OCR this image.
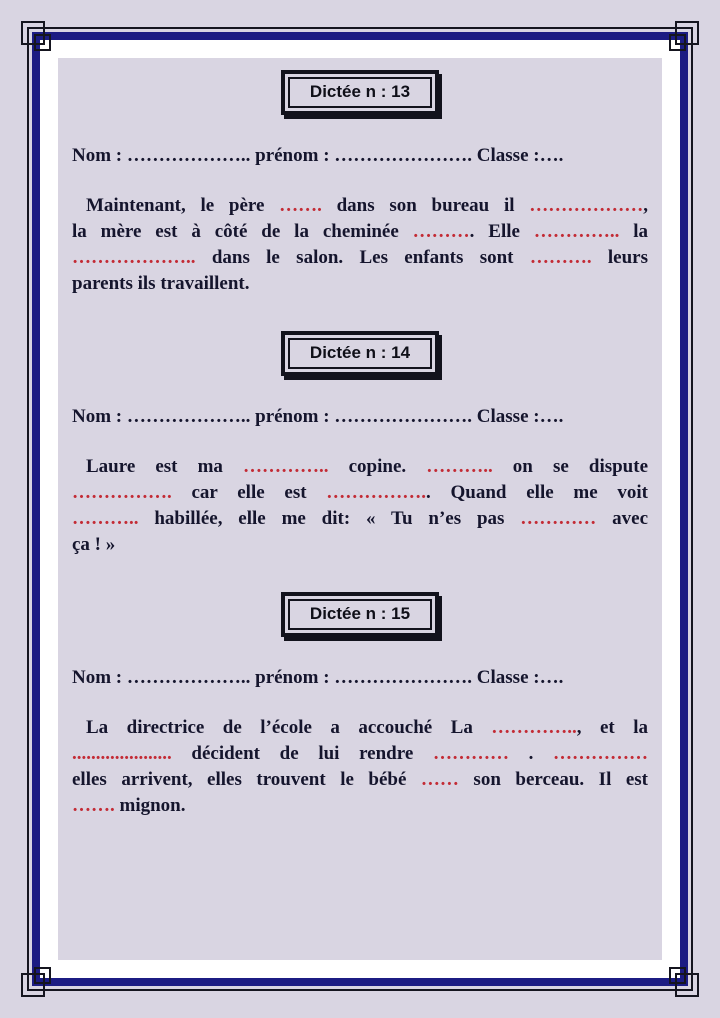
Dictée n : 13
Nom : ……………….. prénom : …………………. Classe :….
Maintenant, le père ……. dans son bureau il ………………,
la mère est à côté de la cheminée ………. Elle ………….. la
……………….. dans le salon. Les enfants sont ………. leurs
parents ils travaillent.
Dictée n : 14
Nom : ……………….. prénom : …………………. Classe :….
Laure est ma ………….. copine. ……….. on se dispute
……………. car elle est …………….. Quand elle me voit
……….. habillée, elle me dit: « Tu n’es pas ………… avec
ça ! »
Dictée n : 15
Nom : ……………….. prénom : …………………. Classe :….
La directrice de l’école a accouché La ………….., et la
..................... décident de lui rendre ………… . ……………
elles arrivent, elles trouvent le bébé …… son berceau. Il est
……. mignon.
